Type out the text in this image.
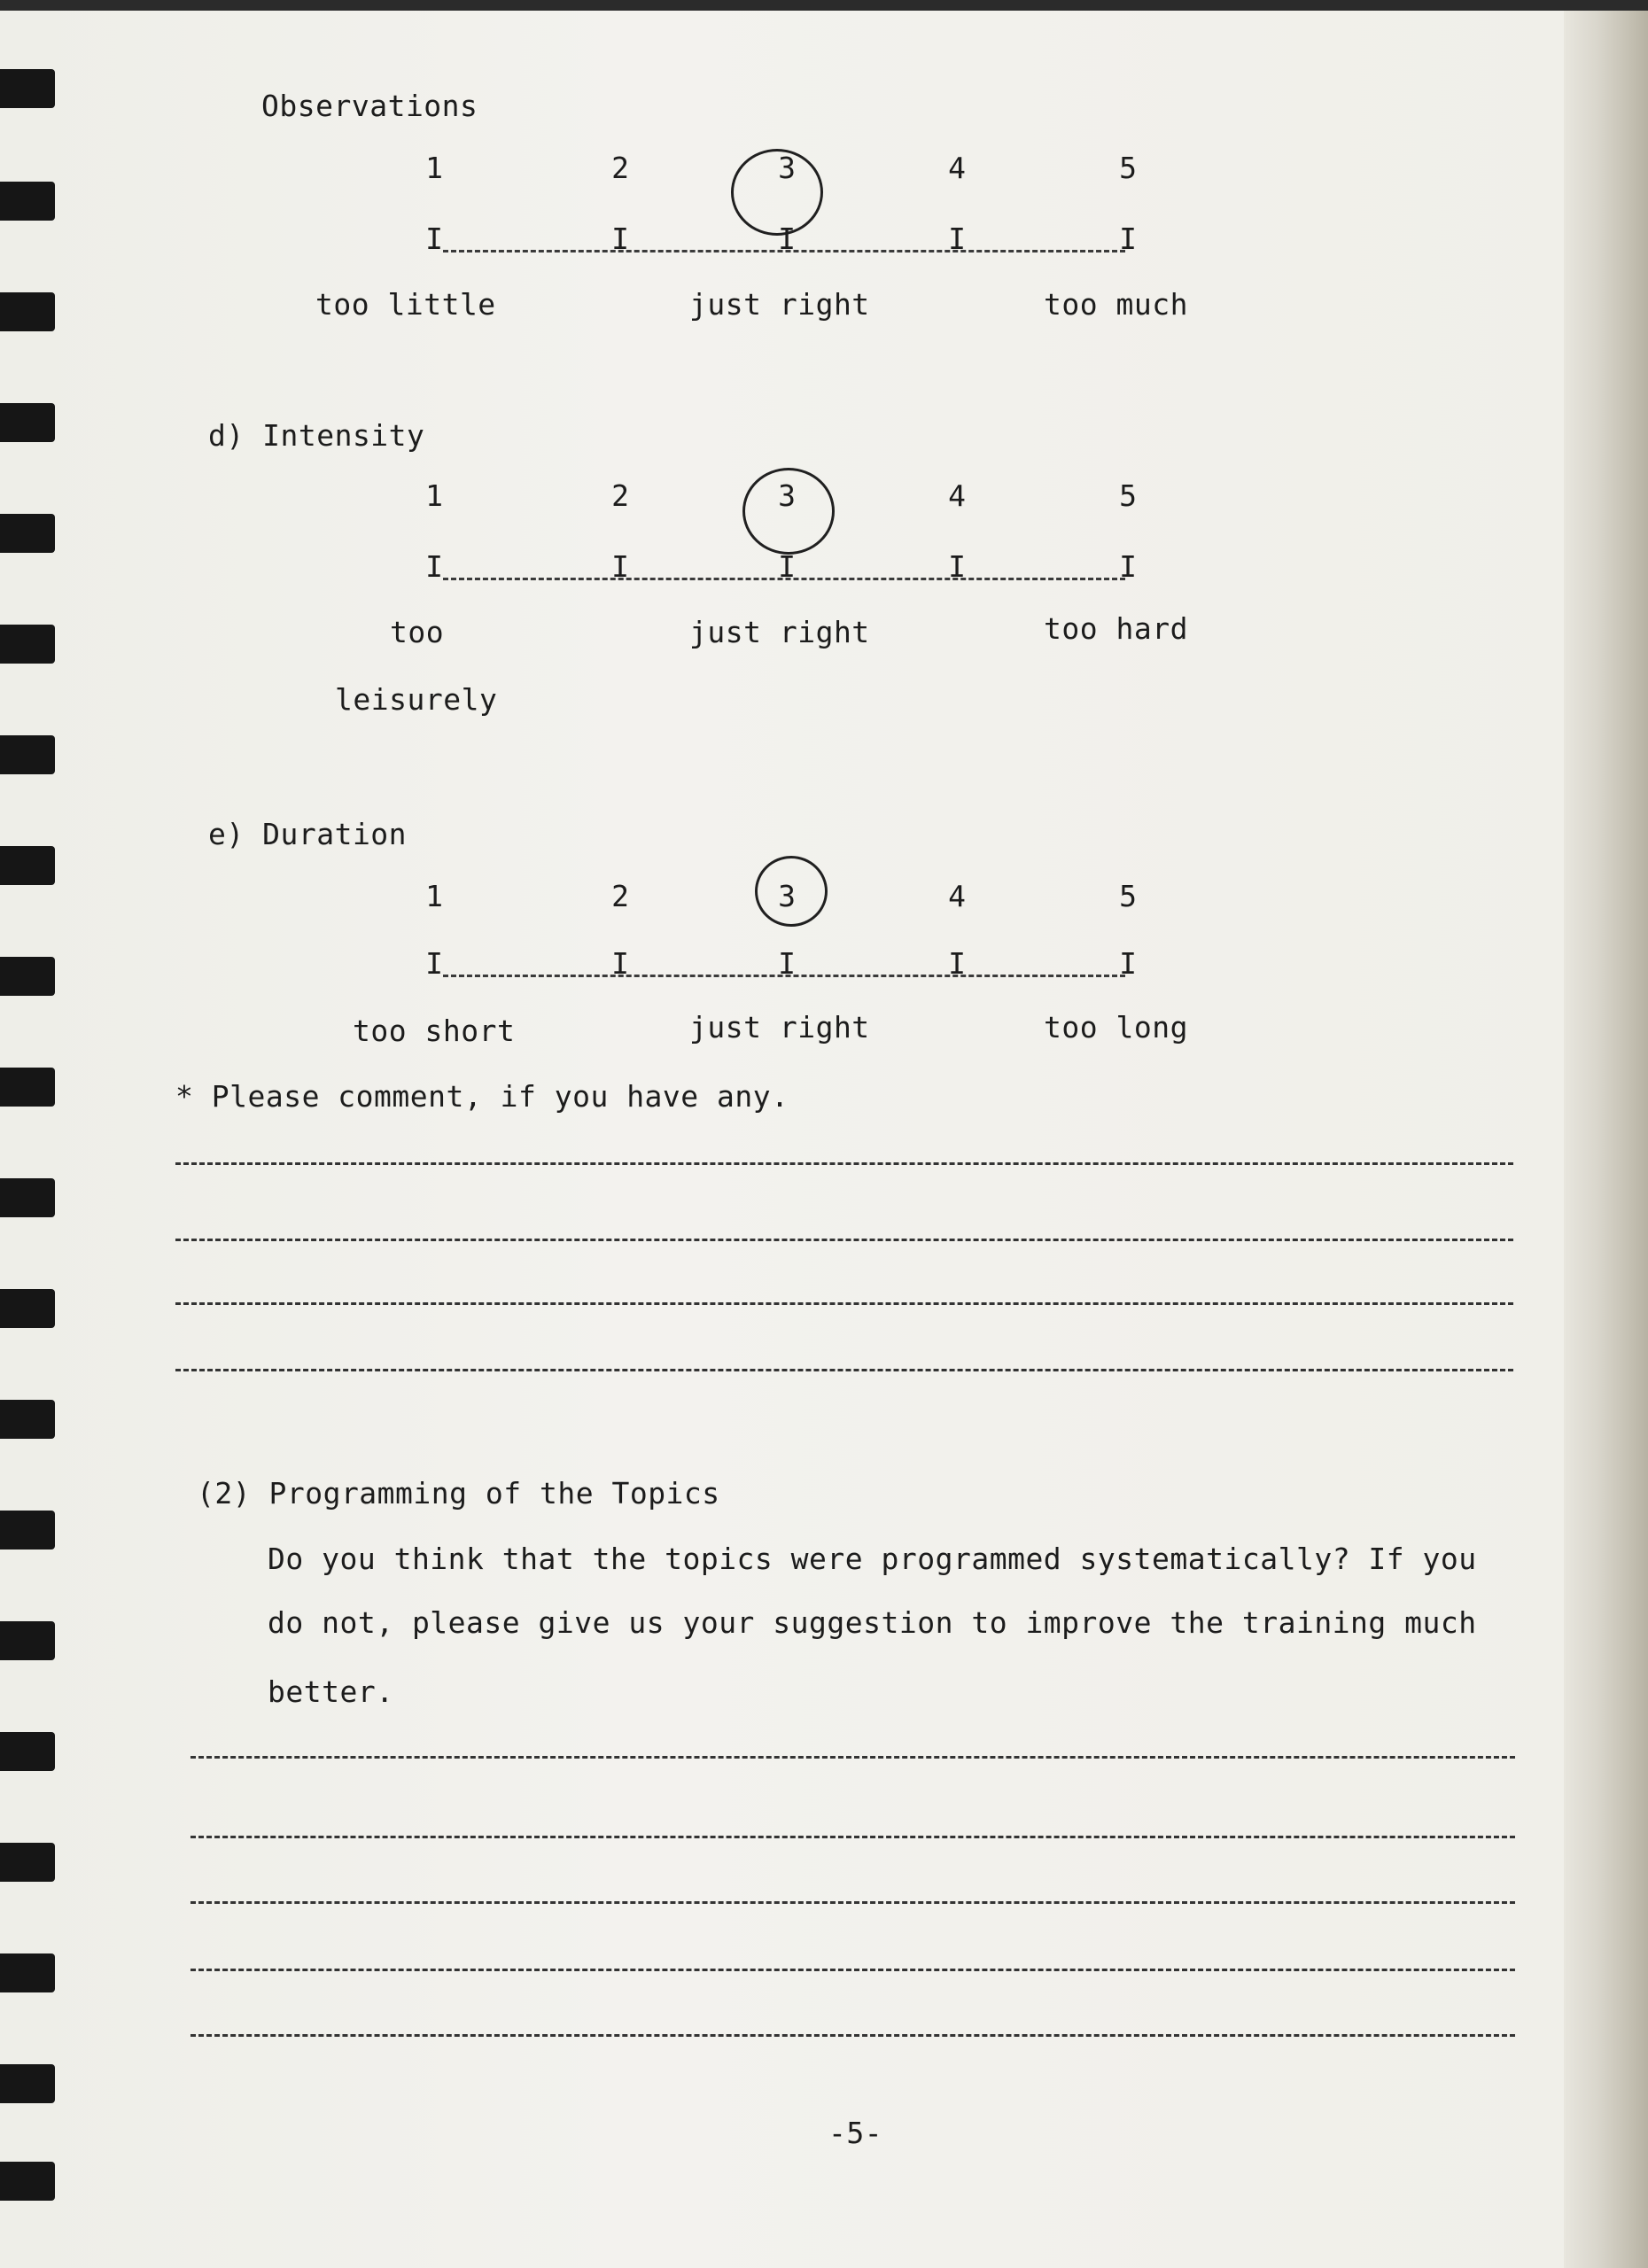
Observations
1	2	3	4	5
I	I	I	I	I
too little	just right	too much
d) Intensity
1	2	3	4	5
I	I	I	I	I
too
leisurely
just right	too hard
e) Duration
1	2	3	4	5
I	I	I	I	I
too short	just right	too long
* Please comment, if you have any.
(2) Programming of the Topics
Do you think that the topics were programmed systematically? If you
do not, please give us your suggestion to improve the training much
better.
-5-
